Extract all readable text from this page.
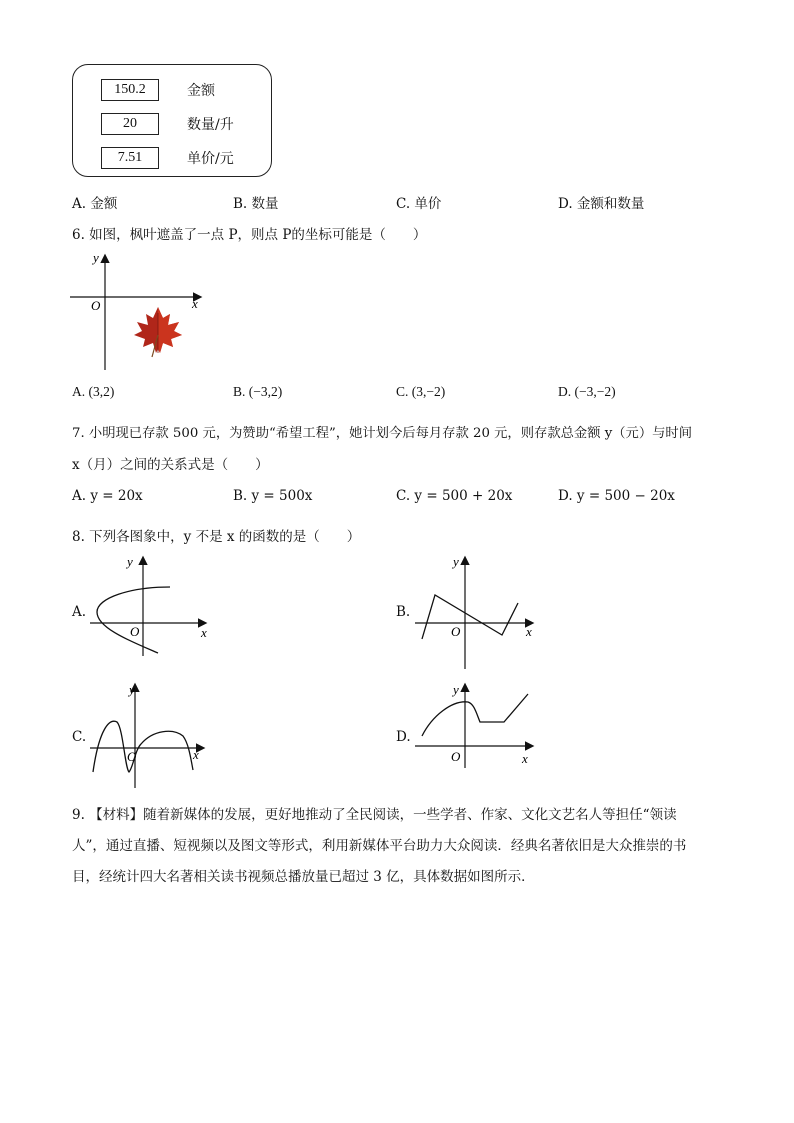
150.2	金额
20	数量/升
7.51	单价/元
A. 金额	B. 数量	C. 单价	D. 金额和数量
6. 如图，枫叶遮盖了一点 P，则点 P的坐标可能是（　　）
y
x
O
A. (3,2)	B. (−3,2)	C. (3,−2)	D. (−3,−2)
7. 小明现已存款 500 元，为赞助“希望工程”，她计划今后每月存款 20 元，则存款总金额 y（元）与时间
x（月）之间的关系式是（　　）
A. y = 20x	B. y = 500x	C. y = 500 + 20x	D. y = 500 − 20x
8. 下列各图象中，y 不是 x 的函数的是（　　）
A.	B.
C.	D.
y
x
O
y
x
O
y
x
O
y
x
O
9. 【材料】随着新媒体的发展，更好地推动了全民阅读，一些学者、作家、文化文艺名人等担任“领读
人”，通过直播、短视频以及图文等形式，利用新媒体平台助力大众阅读．经典名著依旧是大众推崇的书
目，经统计四大名著相关读书视频总播放量已超过 3 亿，具体数据如图所示．
